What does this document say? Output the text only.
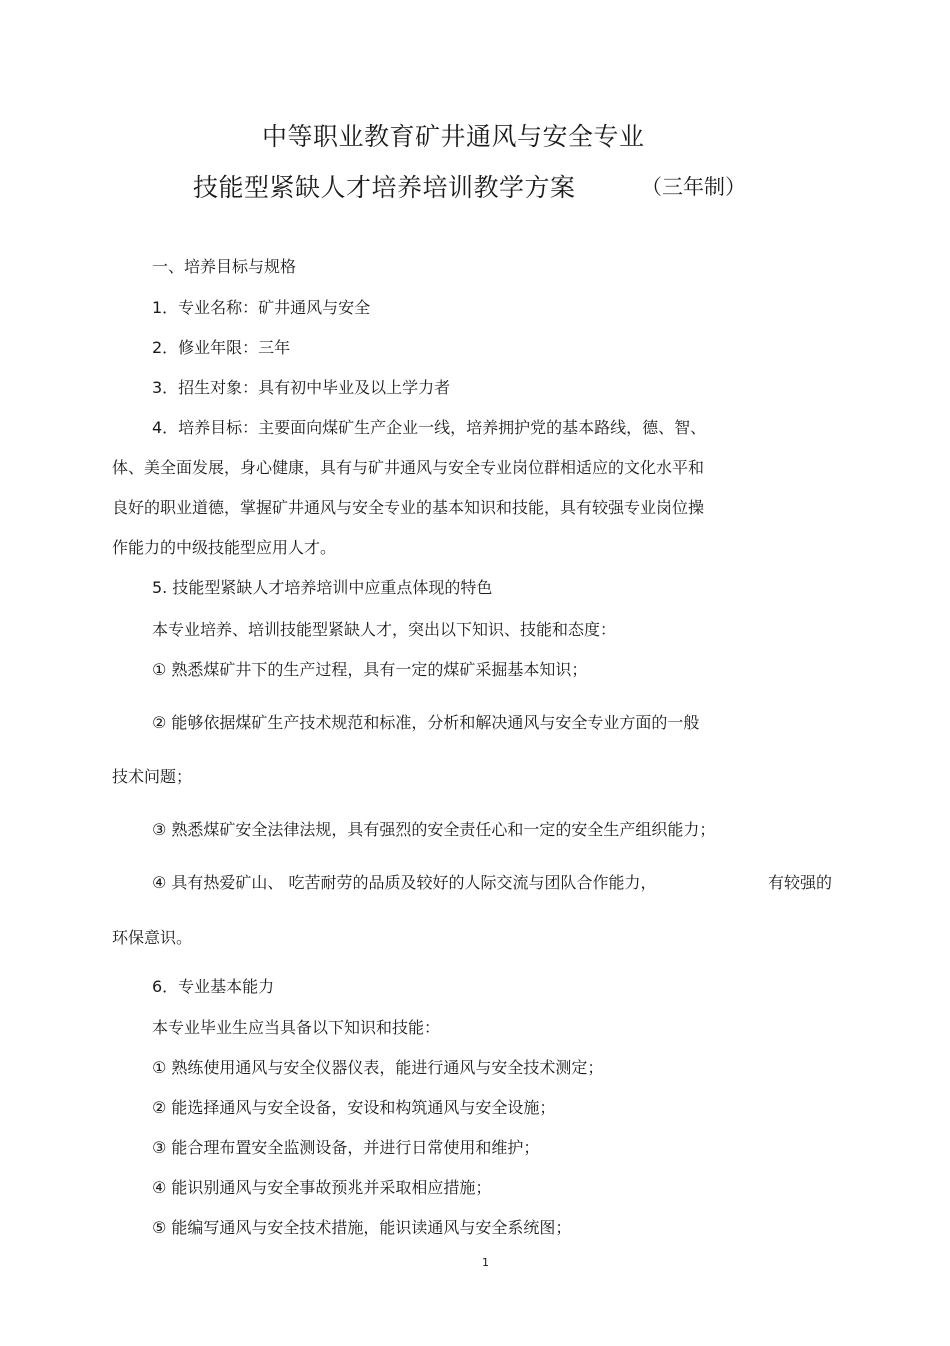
中等职业教育矿井通风与安全专业
技能型紧缺人才培养培训教学方案	（三年制）
一、培养目标与规格
1．专业名称：矿井通风与安全
2．修业年限：三年
3．招生对象：具有初中毕业及以上学力者
4．培养目标：主要面向煤矿生产企业一线，培养拥护党的基本路线，德、智、
体、美全面发展，身心健康，具有与矿井通风与安全专业岗位群相适应的文化水平和
良好的职业道德，掌握矿井通风与安全专业的基本知识和技能，具有较强专业岗位操
作能力的中级技能型应用人才。
5. 技能型紧缺人才培养培训中应重点体现的特色
本专业培养、培训技能型紧缺人才，突出以下知识、技能和态度：
① 熟悉煤矿井下的生产过程，具有一定的煤矿采掘基本知识；
② 能够依据煤矿生产技术规范和标准，分析和解决通风与安全专业方面的一般
技术问题；
③ 熟悉煤矿安全法律法规，具有强烈的安全责任心和一定的安全生产组织能力；
④ 具有热爱矿山、 吃苦耐劳的品质及较好的人际交流与团队合作能力，	有较强的
环保意识。
6．专业基本能力
本专业毕业生应当具备以下知识和技能：
① 熟练使用通风与安全仪器仪表，能进行通风与安全技术测定；
② 能选择通风与安全设备，安设和构筑通风与安全设施；
③ 能合理布置安全监测设备，并进行日常使用和维护；
④ 能识别通风与安全事故预兆并采取相应措施；
⑤ 能编写通风与安全技术措施，能识读通风与安全系统图；
1
